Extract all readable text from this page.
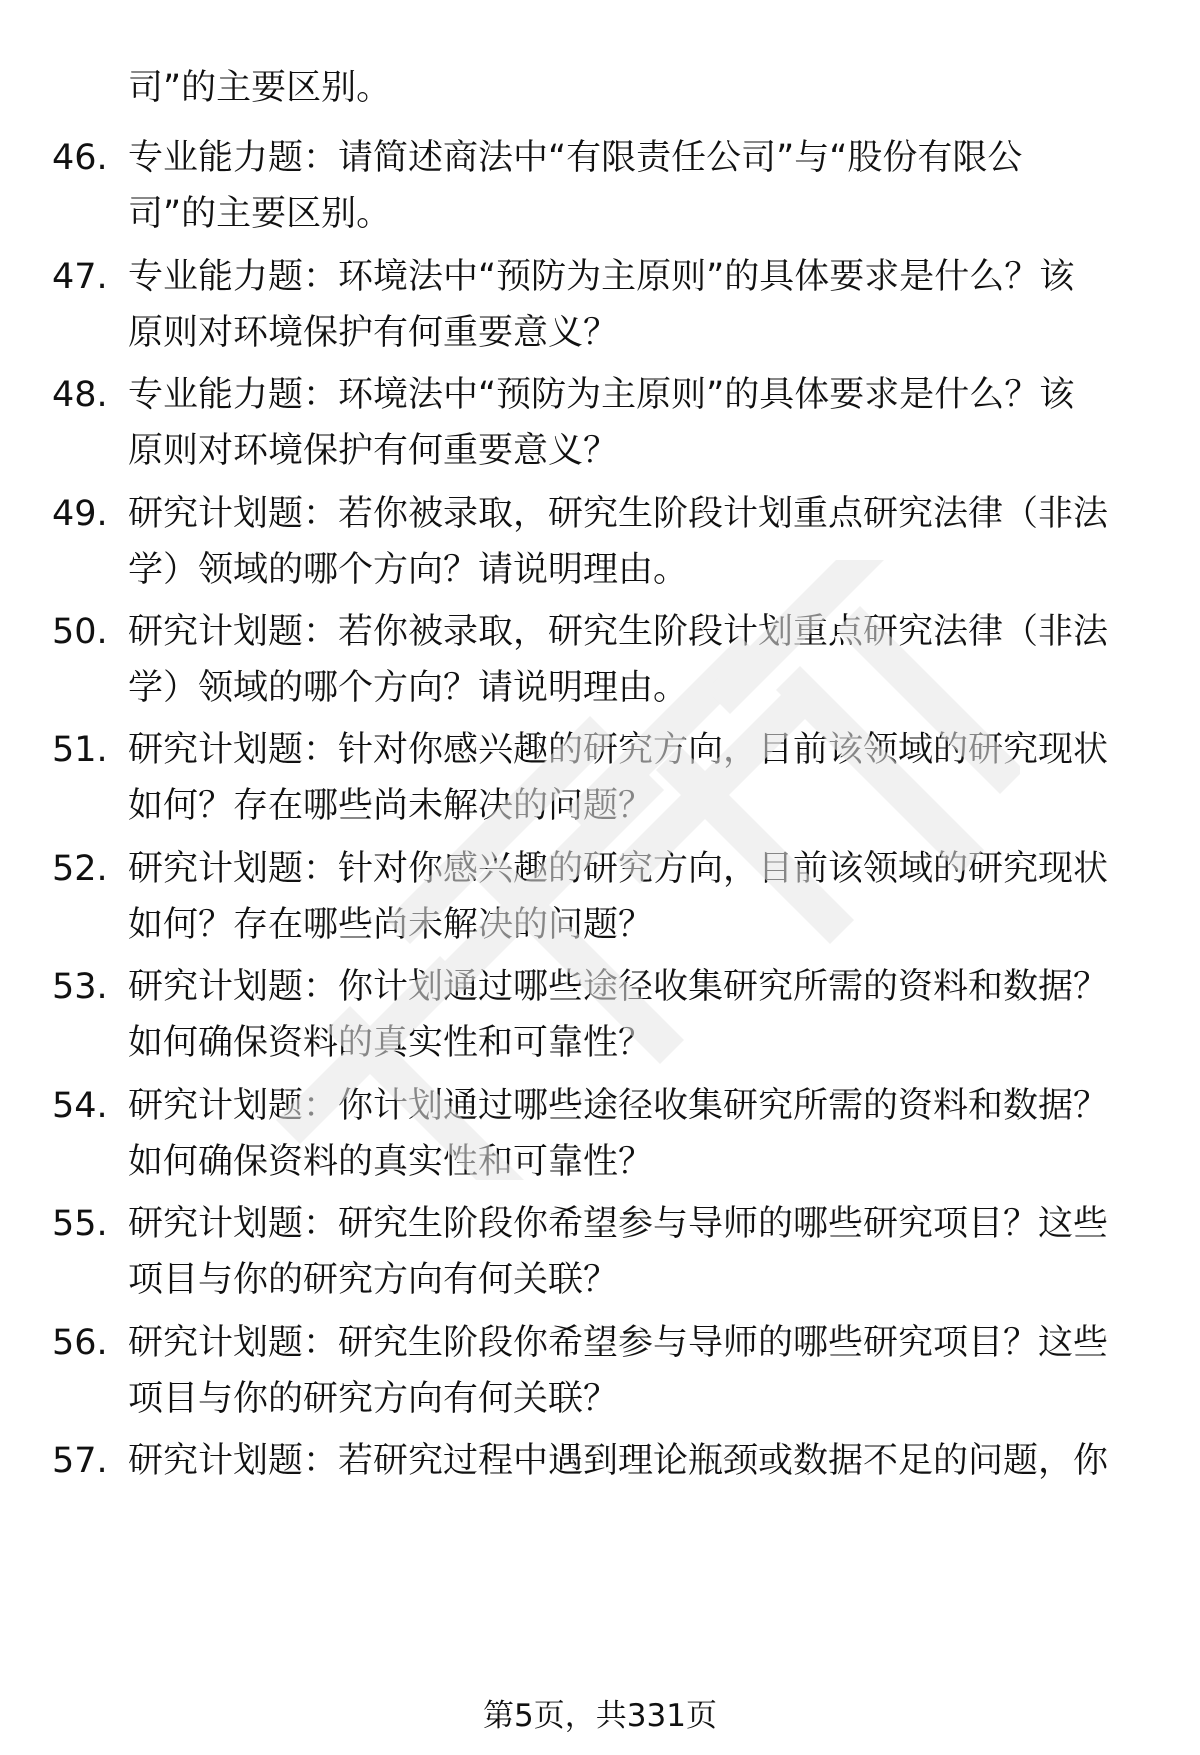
司”的主要区别。
46. 专业能力题：请简述商法中“有限责任公司”与“股份有限公
司”的主要区别。
47. 专业能力题：环境法中“预防为主原则”的具体要求是什么？该
原则对环境保护有何重要意义？
48. 专业能力题：环境法中“预防为主原则”的具体要求是什么？该
原则对环境保护有何重要意义？
49. 研究计划题：若你被录取，研究生阶段计划重点研究法律（非法
学）领域的哪个方向？请说明理由。
50. 研究计划题：若你被录取，研究生阶段计划重点研究法律（非法
学）领域的哪个方向？请说明理由。
51. 研究计划题：针对你感兴趣的研究方向，目前该领域的研究现状
如何？存在哪些尚未解决的问题？
52. 研究计划题：针对你感兴趣的研究方向，目前该领域的研究现状
如何？存在哪些尚未解决的问题？
53. 研究计划题：你计划通过哪些途径收集研究所需的资料和数据？
如何确保资料的真实性和可靠性？
54. 研究计划题：你计划通过哪些途径收集研究所需的资料和数据？
如何确保资料的真实性和可靠性？
55. 研究计划题：研究生阶段你希望参与导师的哪些研究项目？这些
项目与你的研究方向有何关联？
56. 研究计划题：研究生阶段你希望参与导师的哪些研究项目？这些
项目与你的研究方向有何关联？
57. 研究计划题：若研究过程中遇到理论瓶颈或数据不足的问题，你
第5页，共331页
